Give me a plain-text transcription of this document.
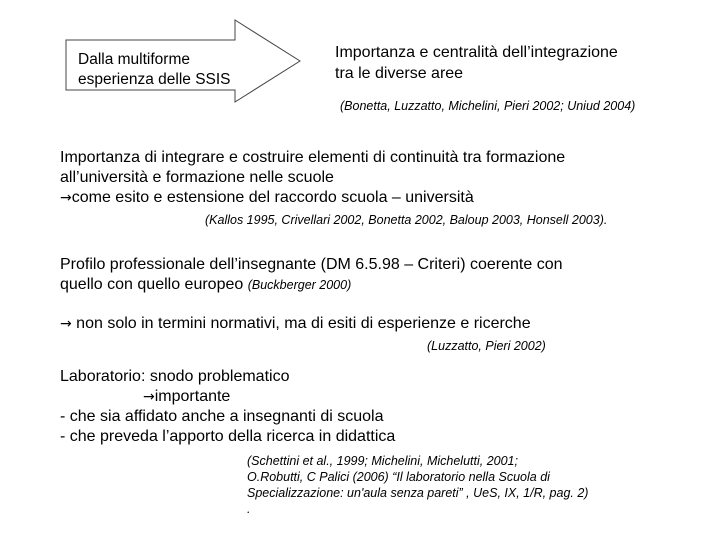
Dalla multiforme
esperienza delle SSIS
Importanza e centralità dell’integrazione
tra le diverse aree
(Bonetta, Luzzatto, Michelini, Pieri 2002; Uniud 2004)
Importanza di integrare e costruire elementi di continuità tra formazione
all’università e formazione nelle scuole
→come esito e estensione del raccordo scuola – università
(Kallos 1995, Crivellari 2002, Bonetta 2002, Baloup 2003, Honsell 2003).
Profilo professionale dell’insegnante (DM 6.5.98 – Criteri) coerente con
quello con quello europeo (Buckberger 2000)
→ non solo in termini normativi, ma di esiti di esperienze e ricerche
(Luzzatto, Pieri 2002)
Laboratorio: snodo problematico
→importante
- che sia affidato anche a insegnanti di scuola
- che preveda l’apporto della ricerca in didattica
(Schettini et al., 1999; Michelini, Michelutti, 2001;
O.Robutti, C Palici (2006) “Il laboratorio nella Scuola di
Specializzazione: un'aula senza pareti” , UeS, IX, 1/R, pag. 2)
.
